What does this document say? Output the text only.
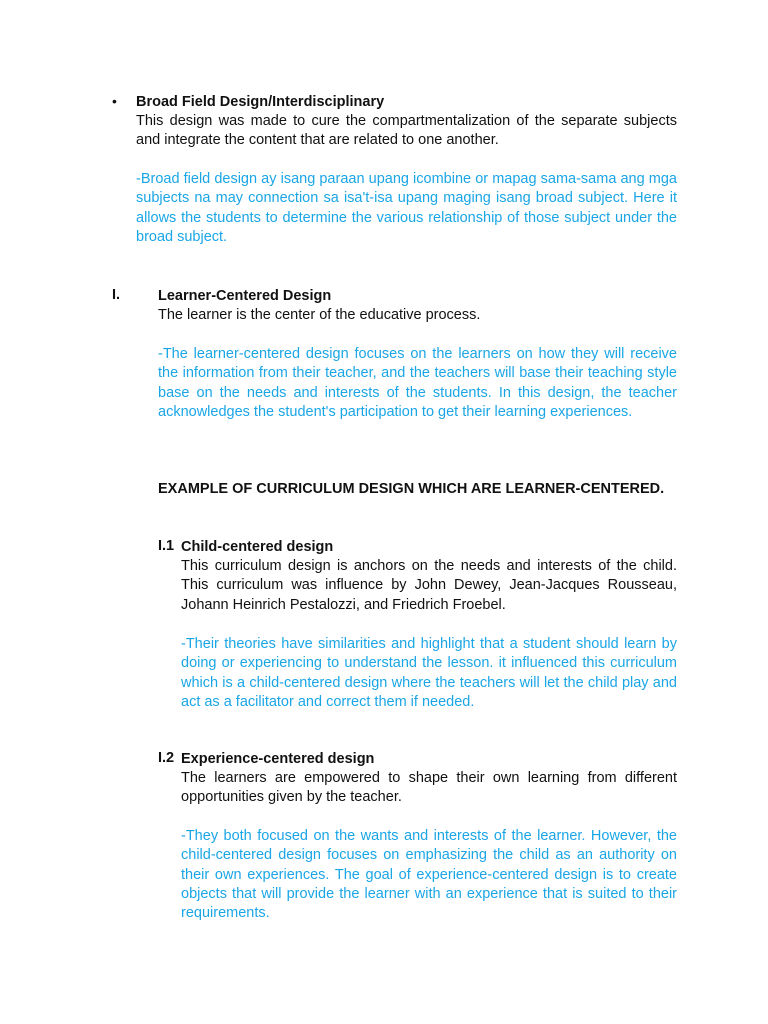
• Broad Field Design/Interdisciplinary
This design was made to cure the compartmentalization of the separate subjects and integrate the content that are related to one another.
-Broad field design ay isang paraan upang icombine or mapag sama-sama ang mga subjects na may connection sa isa't-isa upang maging isang broad subject. Here it allows the students to determine the various relationship of those subject under the broad subject.
I.	Learner-Centered Design
The learner is the center of the educative process.
-The learner-centered design focuses on the learners on how they will receive the information from their teacher, and the teachers will base their teaching style base on the needs and interests of the students. In this design, the teacher acknowledges the student's participation to get their learning experiences.
EXAMPLE OF CURRICULUM DESIGN WHICH ARE LEARNER-CENTERED.
I.1 Child-centered design
This curriculum design is anchors on the needs and interests of the child. This curriculum was influence by John Dewey, Jean-Jacques Rousseau, Johann Heinrich Pestalozzi, and Friedrich Froebel.
-Their theories have similarities and highlight that a student should learn by doing or experiencing to understand the lesson. it influenced this curriculum which is a child-centered design where the teachers will let the child play and act as a facilitator and correct them if needed.
I.2 Experience-centered design
The learners are empowered to shape their own learning from different opportunities given by the teacher.
-They both focused on the wants and interests of the learner. However, the child-centered design focuses on emphasizing the child as an authority on their own experiences. The goal of experience-centered design is to create objects that will provide the learner with an experience that is suited to their requirements.
